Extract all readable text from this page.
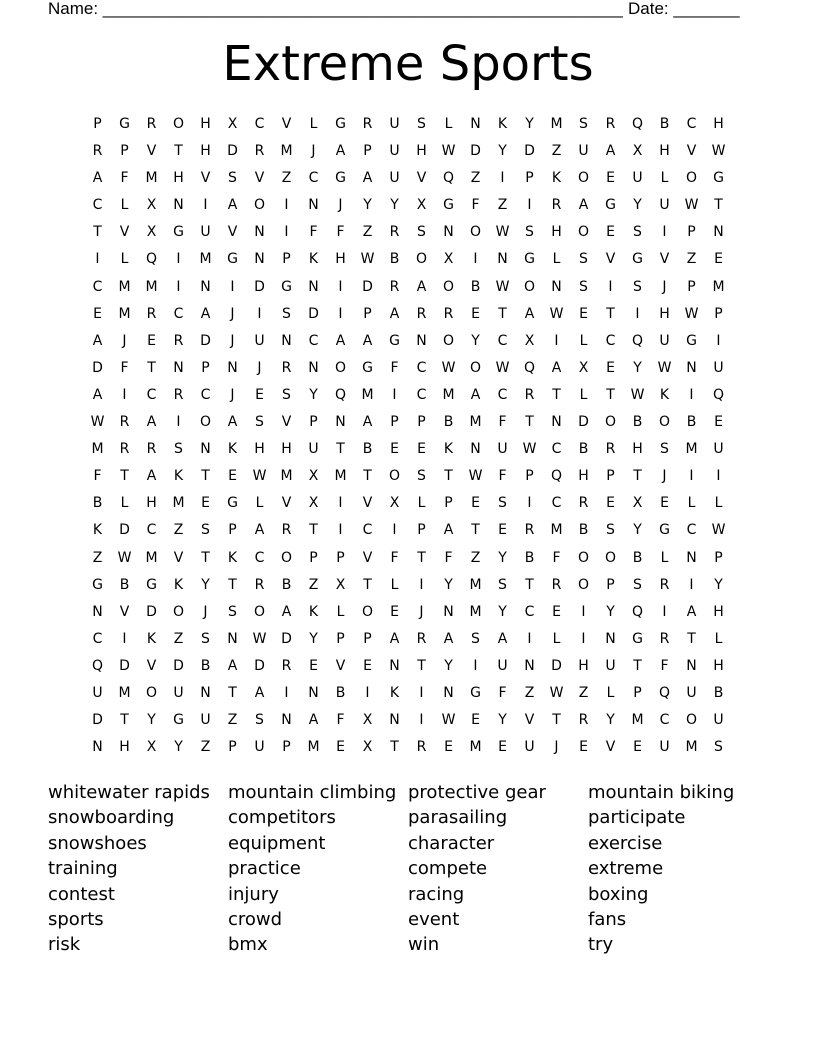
Name: _______________________________________________________ Date: _______
Extreme Sports
P	G	R	O	H	X	C	V	L	G	R	U	S	L	N	K	Y	M	S	R	Q	B	C	H
R	P	V	T	H	D	R	M	J	A	P	U	H	W	D	Y	D	Z	U	A	X	H	V	W
A	F	M	H	V	S	V	Z	C	G	A	U	V	Q	Z	I	P	K	O	E	U	L	O	G
C	L	X	N	I	A	O	I	N	J	Y	Y	X	G	F	Z	I	R	A	G	Y	U	W	T
T	V	X	G	U	V	N	I	F	F	Z	R	S	N	O	W	S	H	O	E	S	I	P	N
I	L	Q	I	M	G	N	P	K	H	W	B	O	X	I	N	G	L	S	V	G	V	Z	E
C	M	M	I	N	I	D	G	N	I	D	R	A	O	B	W	O	N	S	I	S	J	P	M
E	M	R	C	A	J	I	S	D	I	P	A	R	R	E	T	A	W	E	T	I	H	W	P
A	J	E	R	D	J	U	N	C	A	A	G	N	O	Y	C	X	I	L	C	Q	U	G	I
D	F	T	N	P	N	J	R	N	O	G	F	C	W	O	W	Q	A	X	E	Y	W	N	U
A	I	C	R	C	J	E	S	Y	Q	M	I	C	M	A	C	R	T	L	T	W	K	I	Q
W	R	A	I	O	A	S	V	P	N	A	P	P	B	M	F	T	N	D	O	B	O	B	E
M	R	R	S	N	K	H	H	U	T	B	E	E	K	N	U	W	C	B	R	H	S	M	U
F	T	A	K	T	E	W	M	X	M	T	O	S	T	W	F	P	Q	H	P	T	J	I	I
B	L	H	M	E	G	L	V	X	I	V	X	L	P	E	S	I	C	R	E	X	E	L	L
K	D	C	Z	S	P	A	R	T	I	C	I	P	A	T	E	R	M	B	S	Y	G	C	W
Z	W	M	V	T	K	C	O	P	P	V	F	T	F	Z	Y	B	F	O	O	B	L	N	P
G	B	G	K	Y	T	R	B	Z	X	T	L	I	Y	M	S	T	R	O	P	S	R	I	Y
N	V	D	O	J	S	O	A	K	L	O	E	J	N	M	Y	C	E	I	Y	Q	I	A	H
C	I	K	Z	S	N	W	D	Y	P	P	A	R	A	S	A	I	L	I	N	G	R	T	L
Q	D	V	D	B	A	D	R	E	V	E	N	T	Y	I	U	N	D	H	U	T	F	N	H
U	M	O	U	N	T	A	I	N	B	I	K	I	N	G	F	Z	W	Z	L	P	Q	U	B
D	T	Y	G	U	Z	S	N	A	F	X	N	I	W	E	Y	V	T	R	Y	M	C	O	U
N	H	X	Y	Z	P	U	P	M	E	X	T	R	E	M	E	U	J	E	V	E	U	M	S
whitewater rapids
snowboarding
snowshoes
training
contest
sports
risk
mountain climbing
competitors
equipment
practice
injury
crowd
bmx
protective gear
parasailing
character
compete
racing
event
win
mountain biking
participate
exercise
extreme
boxing
fans
try
